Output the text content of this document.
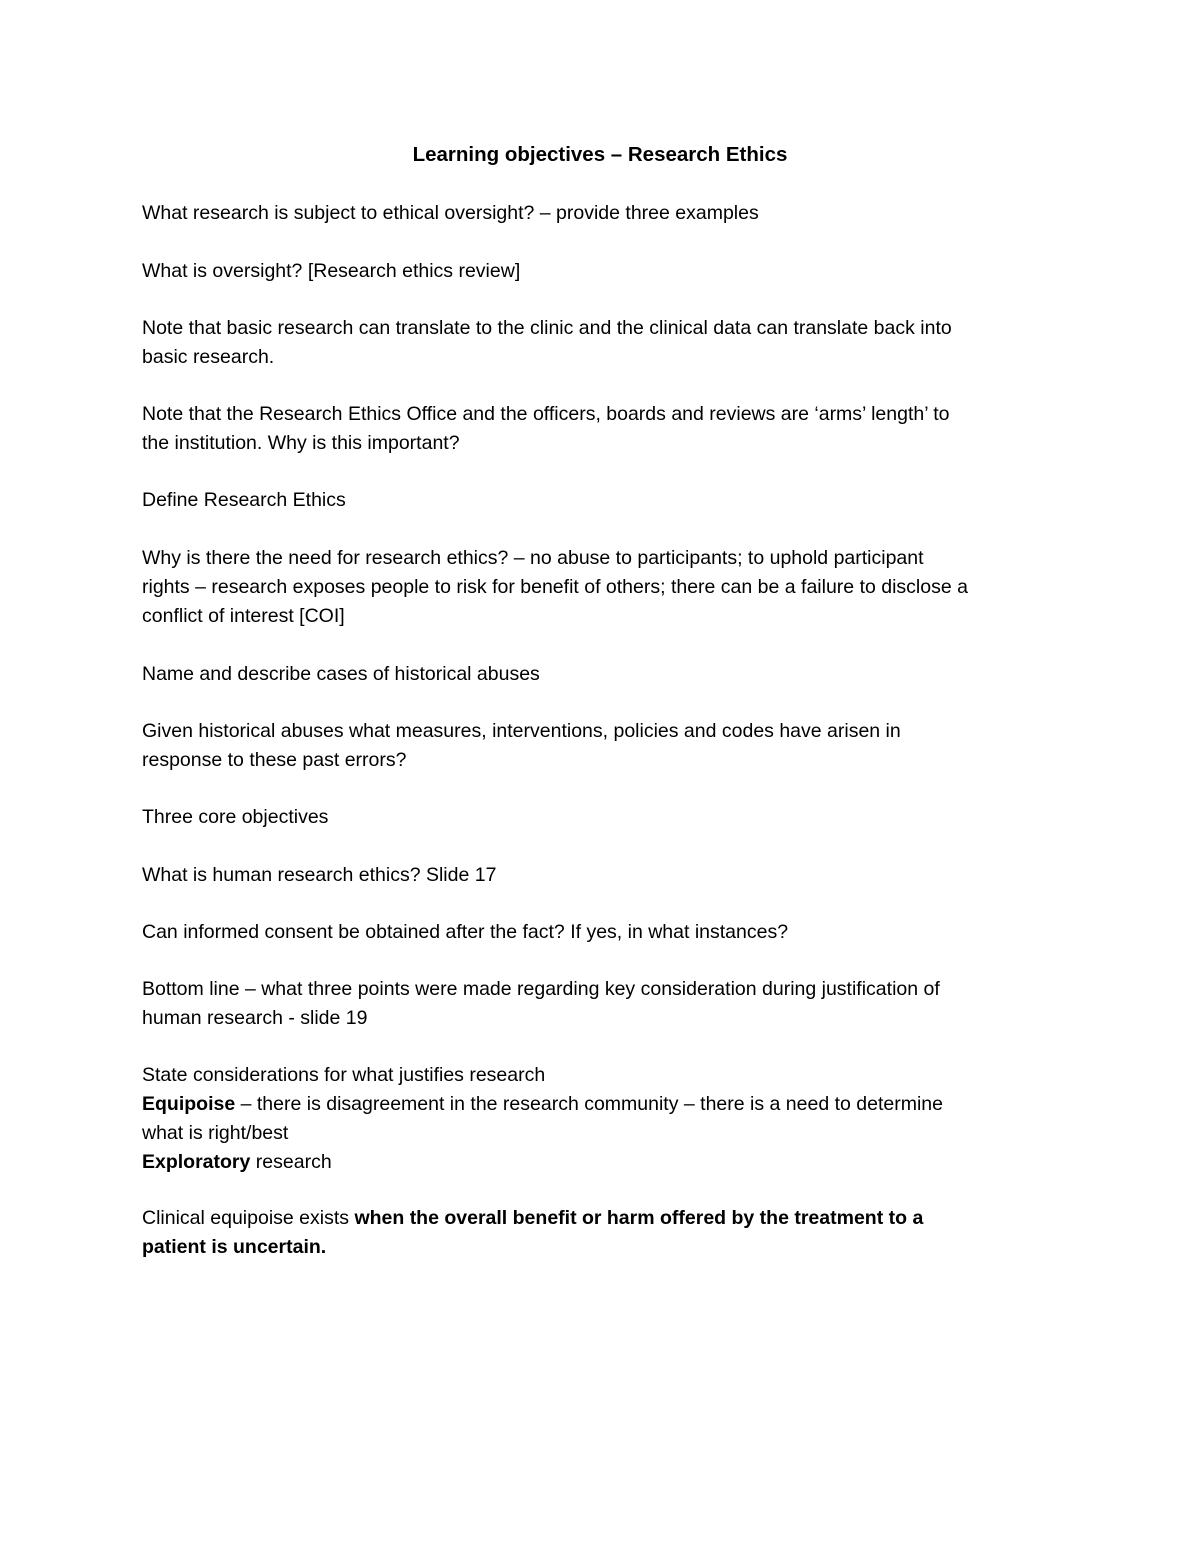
Learning objectives – Research Ethics

What research is subject to ethical oversight? – provide three examples

What is oversight? [Research ethics review]

Note that basic research can translate to the clinic and the clinical data can translate back into
basic research.
Note that the Research Ethics Office and the officers, boards and reviews are ‘arms’ length’ to
the institution. Why is this important?

Define Research Ethics

Why is there the need for research ethics? – no abuse to participants; to uphold participant
rights – research exposes people to risk for benefit of others; there can be a failure to disclose a
conflict of interest [COI]

Name and describe cases of historical abuses

Given historical abuses what measures, interventions, policies and codes have arisen in
response to these past errors?

Three core objectives

What is human research ethics? Slide 17

Can informed consent be obtained after the fact? If yes, in what instances?

Bottom line – what three points were made regarding key consideration during justification of
human research - slide 19
State considerations for what justifies research
Equipoise – there is disagreement in the research community – there is a need to determine
what is right/best
Exploratory research
Clinical equipoise exists when the overall benefit or harm offered by the treatment to a
patient is uncertain.
